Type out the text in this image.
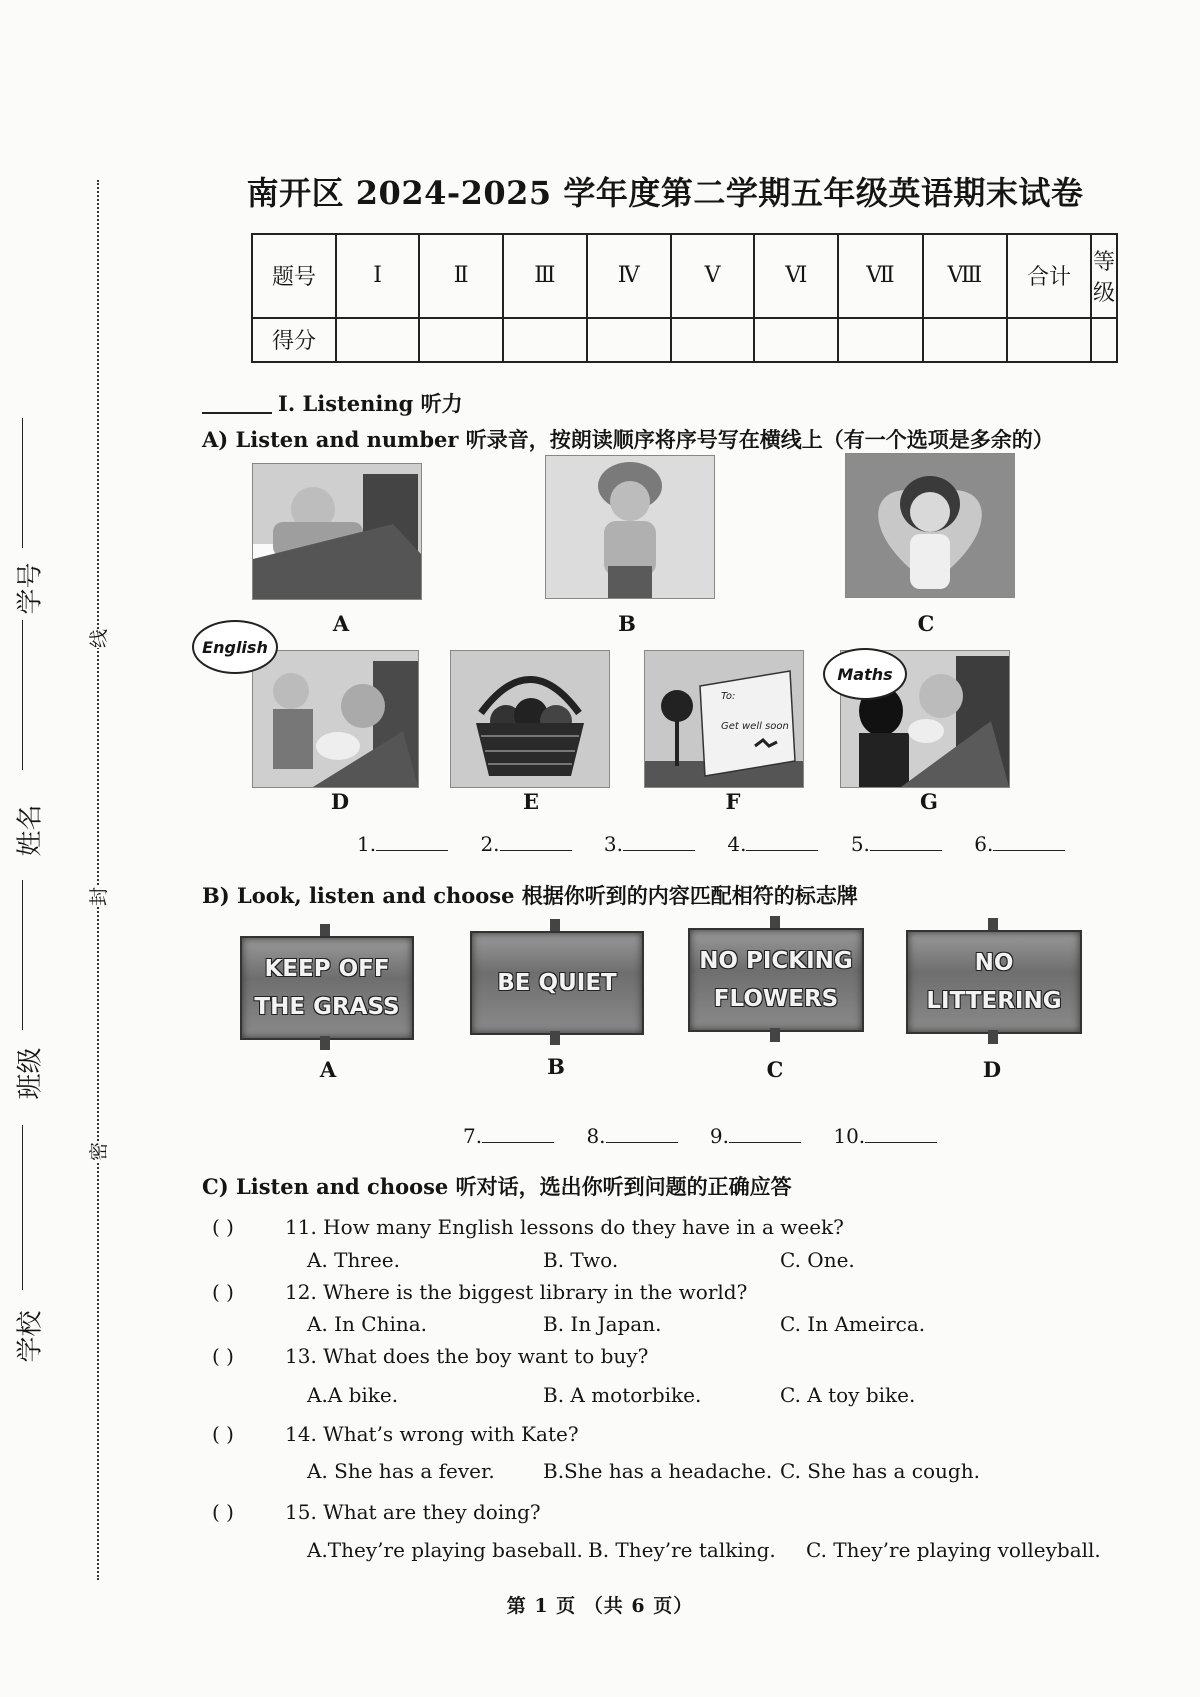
线
封
密
学号
姓名
班级
学校
南开区 2024-2025 学年度第二学期五年级英语期末试卷
题号	Ⅰ	Ⅱ	Ⅲ	Ⅳ	Ⅴ	Ⅵ	Ⅶ	Ⅷ	合计	等级
得分										
Ⅰ. Listening 听力
A) Listen and number 听录音，按朗读顺序将序号写在横线上（有一个选项是多余的）
A	B	C
English
D	E
To:
Get well soon
F
Maths
G
1.	2.	3.	4.	5.	6.
B) Look, listen and choose 根据你听到的内容匹配相符的标志牌
KEEP OFF
THE GRASS
A
BE QUIET
B
NO PICKING
FLOWERS
C
NO
LITTERING
D
7.	8.	9.	10.
C) Listen and choose 听对话，选出你听到问题的正确应答
( )	11. How many English lessons do they have in a week?
A. Three.	B. Two.	C. One.
( )	12. Where is the biggest library in the world?
A. In China.	B. In Japan.	C. In Ameirca.
( )	13. What does the boy want to buy?
A.A bike.	B. A motorbike.	C. A toy bike.
( )	14. What’s wrong with Kate?
A. She has a fever. B.She has a headache. C. She has a cough.
( )	15. What are they doing?
A.They’re playing baseball. B. They’re talking. C. They’re playing volleyball.
第 1 页 （共 6 页）
